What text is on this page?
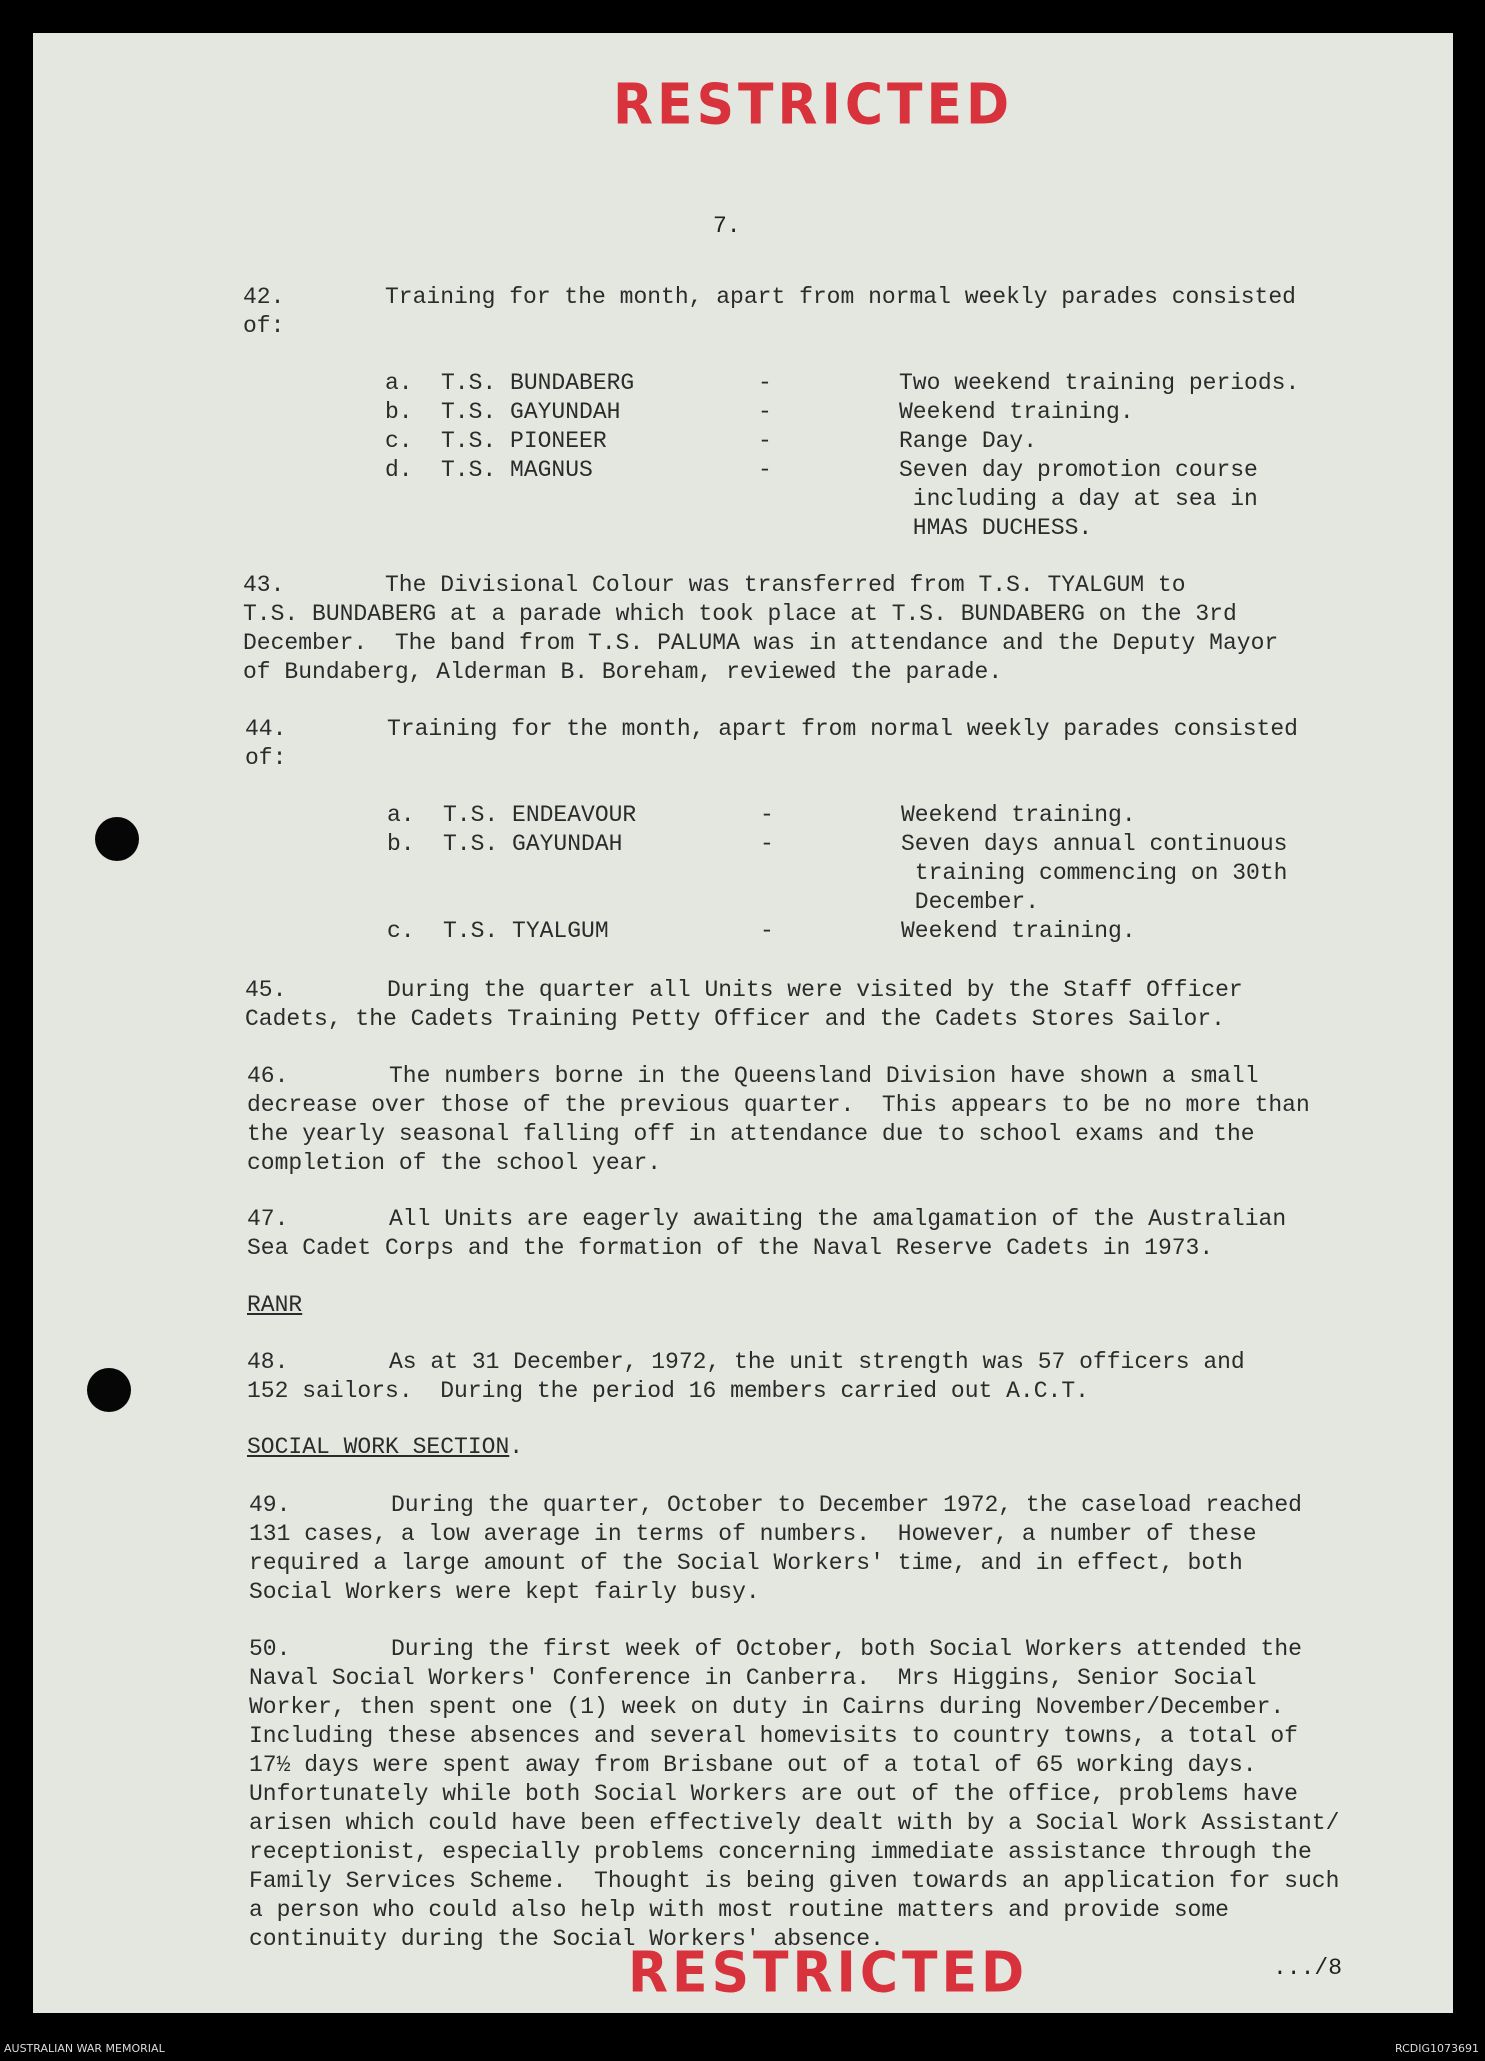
RESTRICTED
7.
42.	Training for the month, apart from normal weekly parades consisted
of:
a. T.S. BUNDABERG	-	Two weekend training periods.
b. T.S. GAYUNDAH	-	Weekend training.
c. T.S. PIONEER	-	Range Day.
d. T.S. MAGNUS	-	Seven day promotion course
including a day at sea in
HMAS DUCHESS.
43.	The Divisional Colour was transferred from T.S. TYALGUM to
T.S. BUNDABERG at a parade which took place at T.S. BUNDABERG on the 3rd
December.  The band from T.S. PALUMA was in attendance and the Deputy Mayor
of Bundaberg, Alderman B. Boreham, reviewed the parade.
44.	Training for the month, apart from normal weekly parades consisted
of:
a. T.S. ENDEAVOUR	-	Weekend training.
b. T.S. GAYUNDAH	-	Seven days annual continuous
training commencing on 30th
December.
c. T.S. TYALGUM	-	Weekend training.
45.	During the quarter all Units were visited by the Staff Officer
Cadets, the Cadets Training Petty Officer and the Cadets Stores Sailor.
46.	The numbers borne in the Queensland Division have shown a small
decrease over those of the previous quarter.  This appears to be no more than
the yearly seasonal falling off in attendance due to school exams and the
completion of the school year.
47.	All Units are eagerly awaiting the amalgamation of the Australian
Sea Cadet Corps and the formation of the Naval Reserve Cadets in 1973.
RANR
48.	As at 31 December, 1972, the unit strength was 57 officers and
152 sailors.  During the period 16 members carried out A.C.T.
SOCIAL WORK SECTION.
49.	During the quarter, October to December 1972, the caseload reached
131 cases, a low average in terms of numbers.  However, a number of these
required a large amount of the Social Workers' time, and in effect, both
Social Workers were kept fairly busy.
50.	During the first week of October, both Social Workers attended the
Naval Social Workers' Conference in Canberra.  Mrs Higgins, Senior Social
Worker, then spent one (1) week on duty in Cairns during November/December.
Including these absences and several homevisits to country towns, a total of
17½ days were spent away from Brisbane out of a total of 65 working days.
Unfortunately while both Social Workers are out of the office, problems have
arisen which could have been effectively dealt with by a Social Work Assistant/
receptionist, especially problems concerning immediate assistance through the
Family Services Scheme.  Thought is being given towards an application for such
a person who could also help with most routine matters and provide some
continuity during the Social Workers' absence.
RESTRICTED	.../8
AUSTRALIAN WAR MEMORIAL	RCDIG1073691
